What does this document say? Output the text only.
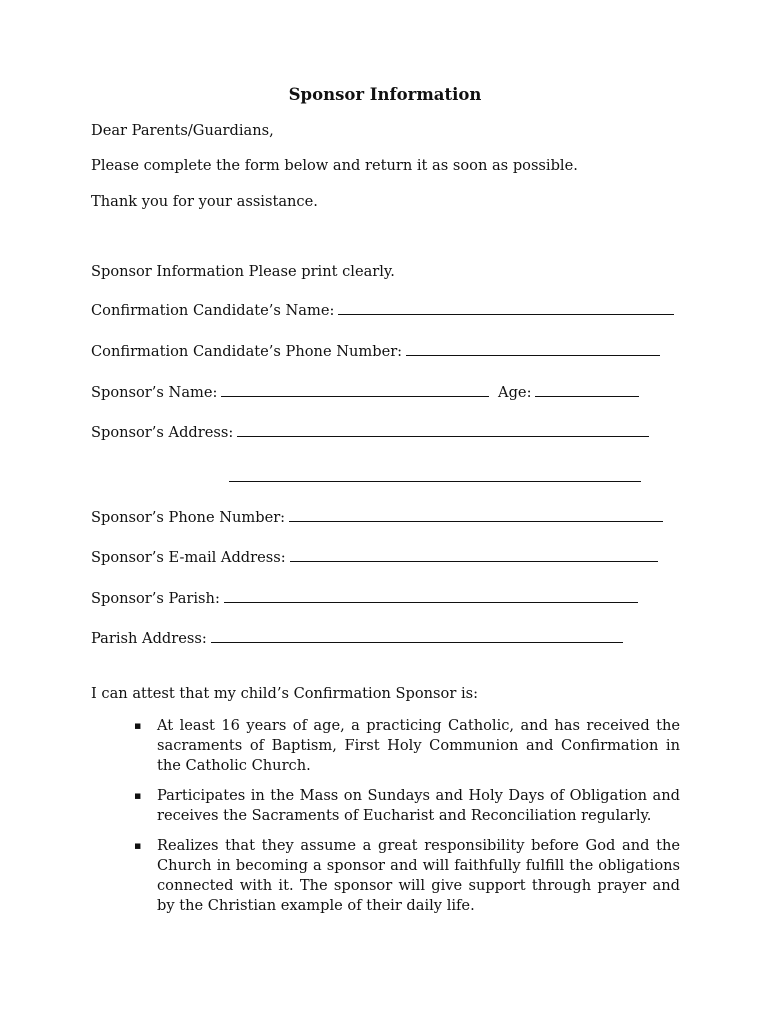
Sponsor Information
Dear Parents/Guardians,
Please complete the form below and return it as soon as possible.
Thank you for your assistance.
Sponsor Information Please print clearly.
Confirmation Candidate’s Name:
Confirmation Candidate’s Phone Number:
Sponsor’s Name:	Age:
Sponsor’s Address:
Sponsor’s Phone Number:
Sponsor’s E-mail Address:
Sponsor’s Parish:
Parish Address:
I can attest that my child’s Confirmation Sponsor is:
▪ At least 16 years of age, a practicing Catholic, and has received the sacraments of Baptism, First Holy Communion and Confirmation in the Catholic Church.
▪ Participates in the Mass on Sundays and Holy Days of Obligation and receives the Sacraments of Eucharist and Reconciliation regularly.
▪ Realizes that they assume a great responsibility before God and the Church in becoming a sponsor and will faithfully fulfill the obligations connected with it. The sponsor will give support through prayer and by the Christian example of their daily life.
